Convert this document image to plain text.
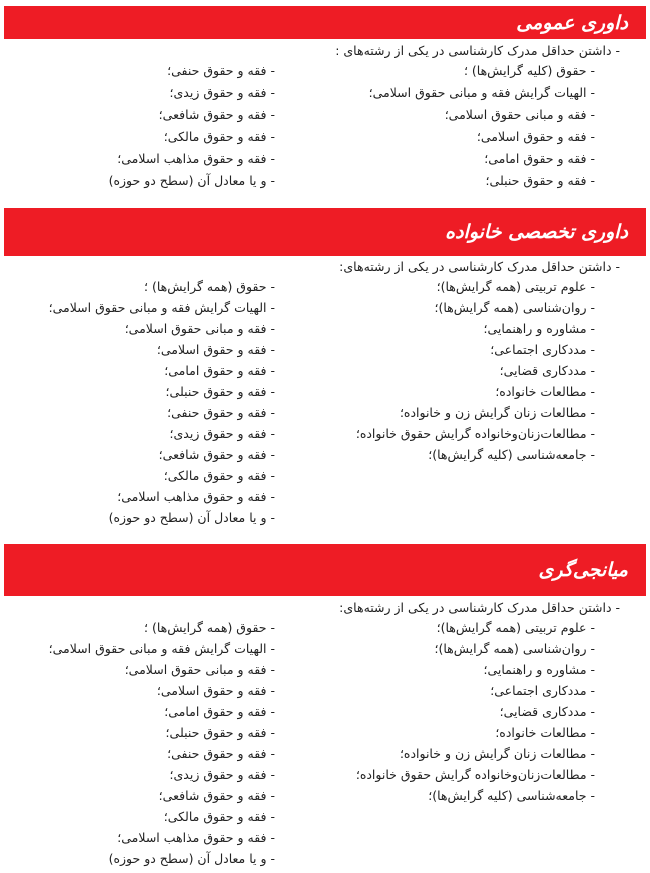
داوری عمومی
- داشتن حداقل مدرک کارشناسی در یکی از رشته‌های :
- حقوق (کلیه گرایش‌ها) ؛
- الهیات گرایش فقه و مبانی حقوق اسلامی؛
- فقه و مبانی حقوق اسلامی؛
- فقه و حقوق اسلامی؛
- فقه و حقوق امامی؛
- فقه و حقوق حنبلی؛
- فقه و حقوق حنفی؛
- فقه و حقوق زیدی؛
- فقه و حقوق شافعی؛
- فقه و حقوق مالکی؛
- فقه و حقوق مذاهب اسلامی؛
- و یا معادل آن (سطح دو حوزه)
داوری تخصصی خانواده
- داشتن حداقل مدرک کارشناسی در یکی از رشته‌های:
- علوم تربیتی (همه گرایش‌ها)؛
- روان‌شناسی (همه گرایش‌ها)؛
- مشاوره و راهنمایی؛
- مددکاری اجتماعی؛
- مددکاری قضایی؛
- مطالعات خانواده؛
- مطالعات زنان گرایش زن و خانواده؛
- مطالعات‌زنان‌وخانواده گرایش حقوق خانواده؛
- جامعه‌شناسی (کلیه گرایش‌ها)؛
- حقوق (همه گرایش‌ها) ؛
- الهیات گرایش فقه و مبانی حقوق اسلامی؛
- فقه و مبانی حقوق اسلامی؛
- فقه و حقوق اسلامی؛
- فقه و حقوق امامی؛
- فقه و حقوق حنبلی؛
- فقه و حقوق حنفی؛
- فقه و حقوق زیدی؛
- فقه و حقوق شافعی؛
- فقه و حقوق مالکی؛
- فقه و حقوق مذاهب اسلامی؛
- و یا معادل آن (سطح دو حوزه)
میانجی‌گری
- داشتن حداقل مدرک کارشناسی در یکی از رشته‌های:
- علوم تربیتی (همه گرایش‌ها)؛
- روان‌شناسی (همه گرایش‌ها)؛
- مشاوره و راهنمایی؛
- مددکاری اجتماعی؛
- مددکاری قضایی؛
- مطالعات خانواده؛
- مطالعات زنان گرایش زن و خانواده؛
- مطالعات‌زنان‌وخانواده گرایش حقوق خانواده؛
- جامعه‌شناسی (کلیه گرایش‌ها)؛
- حقوق (همه گرایش‌ها) ؛
- الهیات گرایش فقه و مبانی حقوق اسلامی؛
- فقه و مبانی حقوق اسلامی؛
- فقه و حقوق اسلامی؛
- فقه و حقوق امامی؛
- فقه و حقوق حنبلی؛
- فقه و حقوق حنفی؛
- فقه و حقوق زیدی؛
- فقه و حقوق شافعی؛
- فقه و حقوق مالکی؛
- فقه و حقوق مذاهب اسلامی؛
- و یا معادل آن (سطح دو حوزه)
